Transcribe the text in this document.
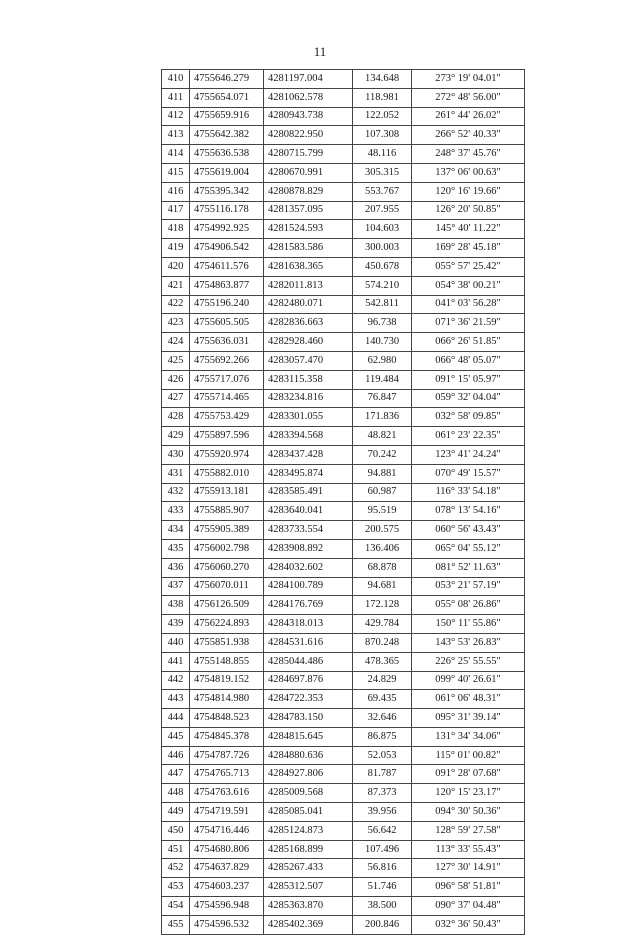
11
410	4755646.279	4281197.004	134.648	273° 19' 04.01"
411	4755654.071	4281062.578	118.981	272° 48' 56.00"
412	4755659.916	4280943.738	122.052	261° 44' 26.02"
413	4755642.382	4280822.950	107.308	266° 52' 40.33"
414	4755636.538	4280715.799	48.116	248° 37' 45.76"
415	4755619.004	4280670.991	305.315	137° 06' 00.63"
416	4755395.342	4280878.829	553.767	120° 16' 19.66"
417	4755116.178	4281357.095	207.955	126° 20' 50.85"
418	4754992.925	4281524.593	104.603	145° 40' 11.22"
419	4754906.542	4281583.586	300.003	169° 28' 45.18"
420	4754611.576	4281638.365	450.678	055° 57' 25.42"
421	4754863.877	4282011.813	574.210	054° 38' 00.21"
422	4755196.240	4282480.071	542.811	041° 03' 56.28"
423	4755605.505	4282836.663	96.738	071° 36' 21.59"
424	4755636.031	4282928.460	140.730	066° 26' 51.85"
425	4755692.266	4283057.470	62.980	066° 48' 05.07"
426	4755717.076	4283115.358	119.484	091° 15' 05.97"
427	4755714.465	4283234.816	76.847	059° 32' 04.04"
428	4755753.429	4283301.055	171.836	032° 58' 09.85"
429	4755897.596	4283394.568	48.821	061° 23' 22.35"
430	4755920.974	4283437.428	70.242	123° 41' 24.24"
431	4755882.010	4283495.874	94.881	070° 49' 15.57"
432	4755913.181	4283585.491	60.987	116° 33' 54.18"
433	4755885.907	4283640.041	95.519	078° 13' 54.16"
434	4755905.389	4283733.554	200.575	060° 56' 43.43"
435	4756002.798	4283908.892	136.406	065° 04' 55.12"
436	4756060.270	4284032.602	68.878	081° 52' 11.63"
437	4756070.011	4284100.789	94.681	053° 21' 57.19"
438	4756126.509	4284176.769	172.128	055° 08' 26.86"
439	4756224.893	4284318.013	429.784	150° 11' 55.86"
440	4755851.938	4284531.616	870.248	143° 53' 26.83"
441	4755148.855	4285044.486	478.365	226° 25' 55.55"
442	4754819.152	4284697.876	24.829	099° 40' 26.61"
443	4754814.980	4284722.353	69.435	061° 06' 48.31"
444	4754848.523	4284783.150	32.646	095° 31' 39.14"
445	4754845.378	4284815.645	86.875	131° 34' 34.06"
446	4754787.726	4284880.636	52.053	115° 01' 00.82"
447	4754765.713	4284927.806	81.787	091° 28' 07.68"
448	4754763.616	4285009.568	87.373	120° 15' 23.17"
449	4754719.591	4285085.041	39.956	094° 30' 50.36"
450	4754716.446	4285124.873	56.642	128° 59' 27.58"
451	4754680.806	4285168.899	107.496	113° 33' 55.43"
452	4754637.829	4285267.433	56.816	127° 30' 14.91"
453	4754603.237	4285312.507	51.746	096° 58' 51.81"
454	4754596.948	4285363.870	38.500	090° 37' 04.48"
455	4754596.532	4285402.369	200.846	032° 36' 50.43"
